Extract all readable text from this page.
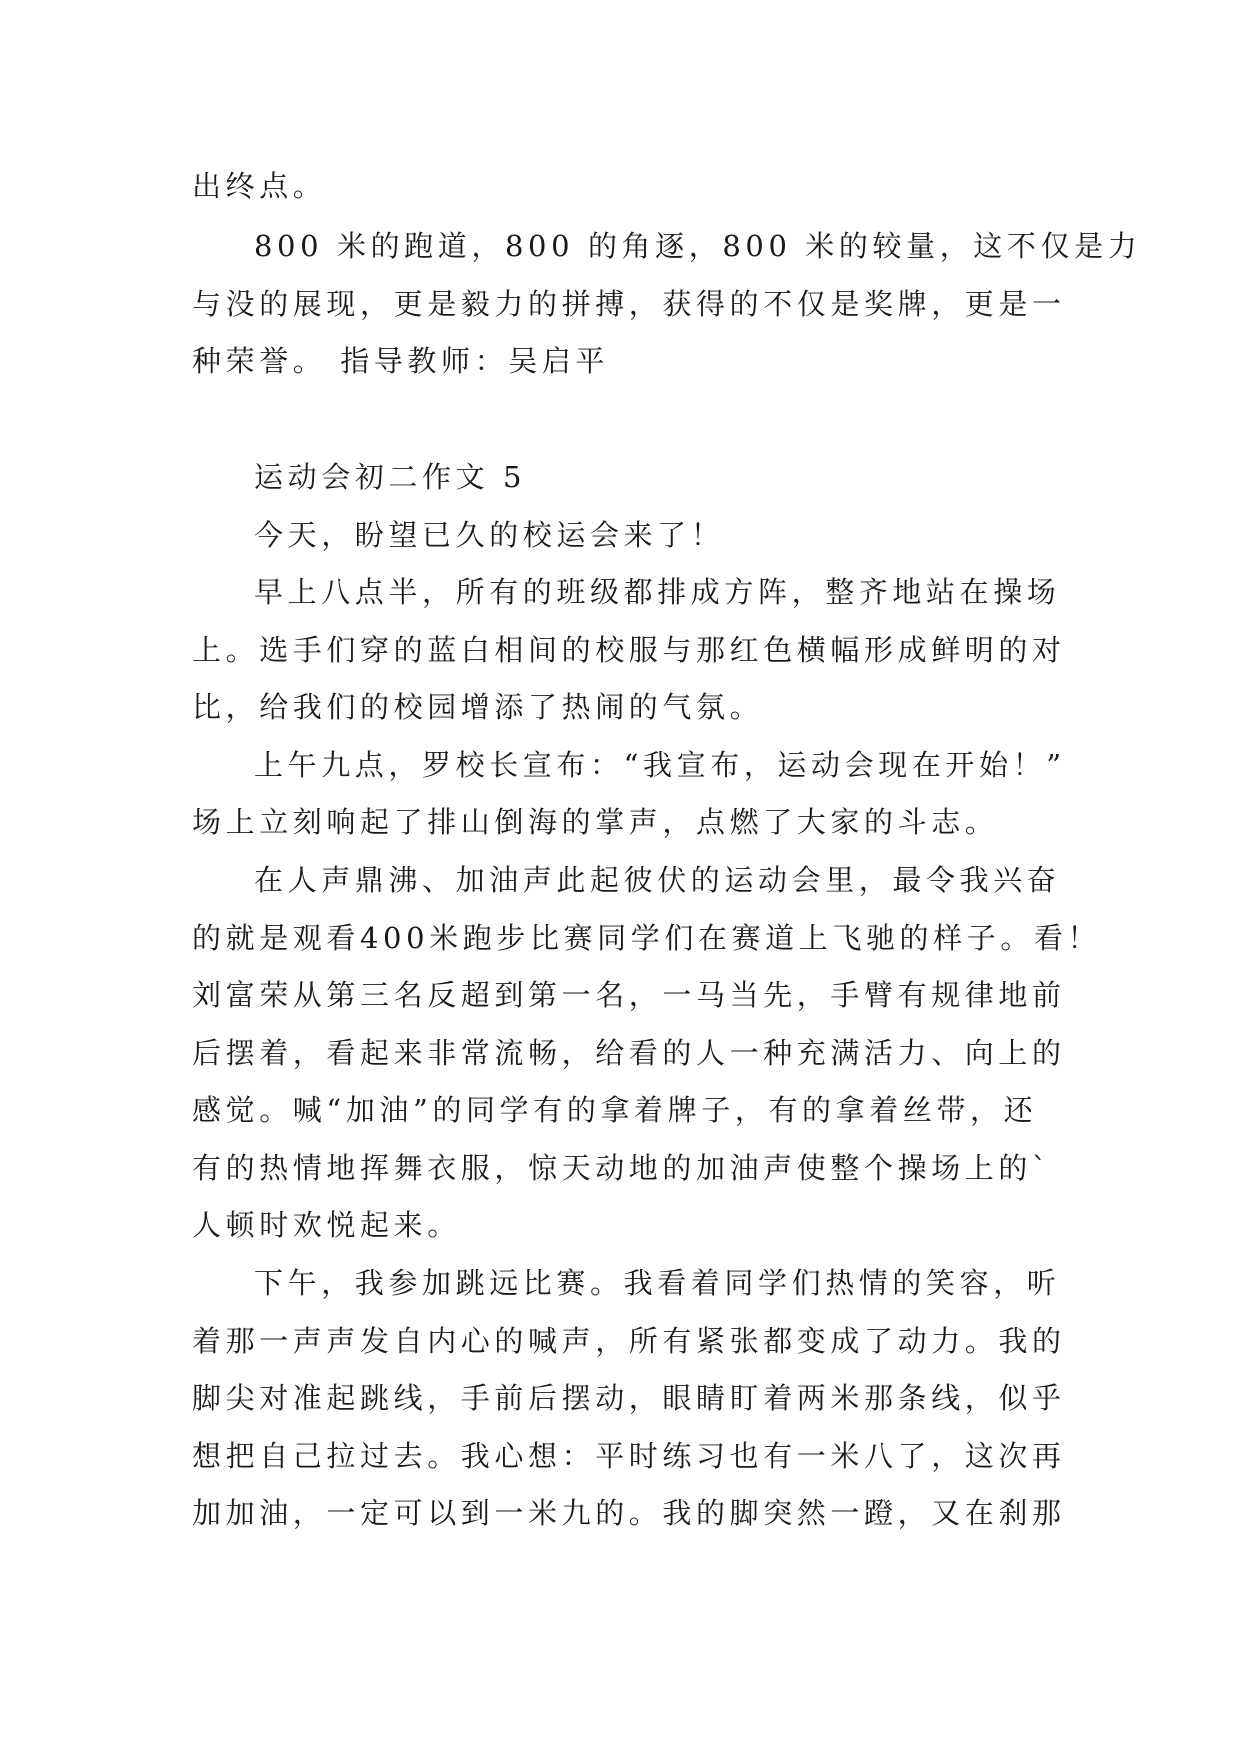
出终点。
800 米的跑道，800 的角逐，800 米的较量，这不仅是力
与没的展现，更是毅力的拼搏，获得的不仅是奖牌，更是一
种荣誉。 指导教师：吴启平
运动会初二作文 5
今天，盼望已久的校运会来了！
早上八点半，所有的班级都排成方阵，整齐地站在操场
上。选手们穿的蓝白相间的校服与那红色横幅形成鲜明的对
比，给我们的校园增添了热闹的气氛。
上午九点，罗校长宣布：“我宣布，运动会现在开始！”
场上立刻响起了排山倒海的掌声，点燃了大家的斗志。
在人声鼎沸、加油声此起彼伏的运动会里，最令我兴奋
的就是观看400米跑步比赛同学们在赛道上飞驰的样子。看！
刘富荣从第三名反超到第一名，一马当先，手臂有规律地前
后摆着，看起来非常流畅，给看的人一种充满活力、向上的
感觉。喊“加油”的同学有的拿着牌子，有的拿着丝带，还
有的热情地挥舞衣服，惊天动地的加油声使整个操场上的`
人顿时欢悦起来。
下午，我参加跳远比赛。我看着同学们热情的笑容，听
着那一声声发自内心的喊声，所有紧张都变成了动力。我的
脚尖对准起跳线，手前后摆动，眼睛盯着两米那条线，似乎
想把自己拉过去。我心想：平时练习也有一米八了，这次再
加加油，一定可以到一米九的。我的脚突然一蹬，又在刹那
